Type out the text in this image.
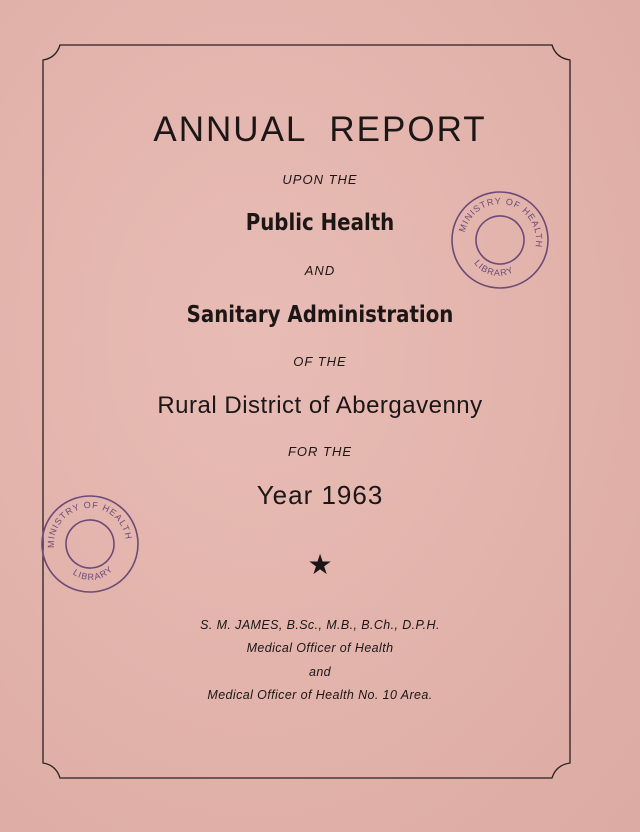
ANNUAL REPORT
UPON THE
Public Health
AND
Sanitary Administration
OF THE
Rural District of Abergavenny
FOR THE
Year 1963
★
S. M. JAMES, B.Sc., M.B., B.Ch., D.P.H.
Medical Officer of Health
and
Medical Officer of Health No. 10 Area.
MINISTRY OF HEALTH
LIBRARY
MINISTRY OF HEALTH
LIBRARY
